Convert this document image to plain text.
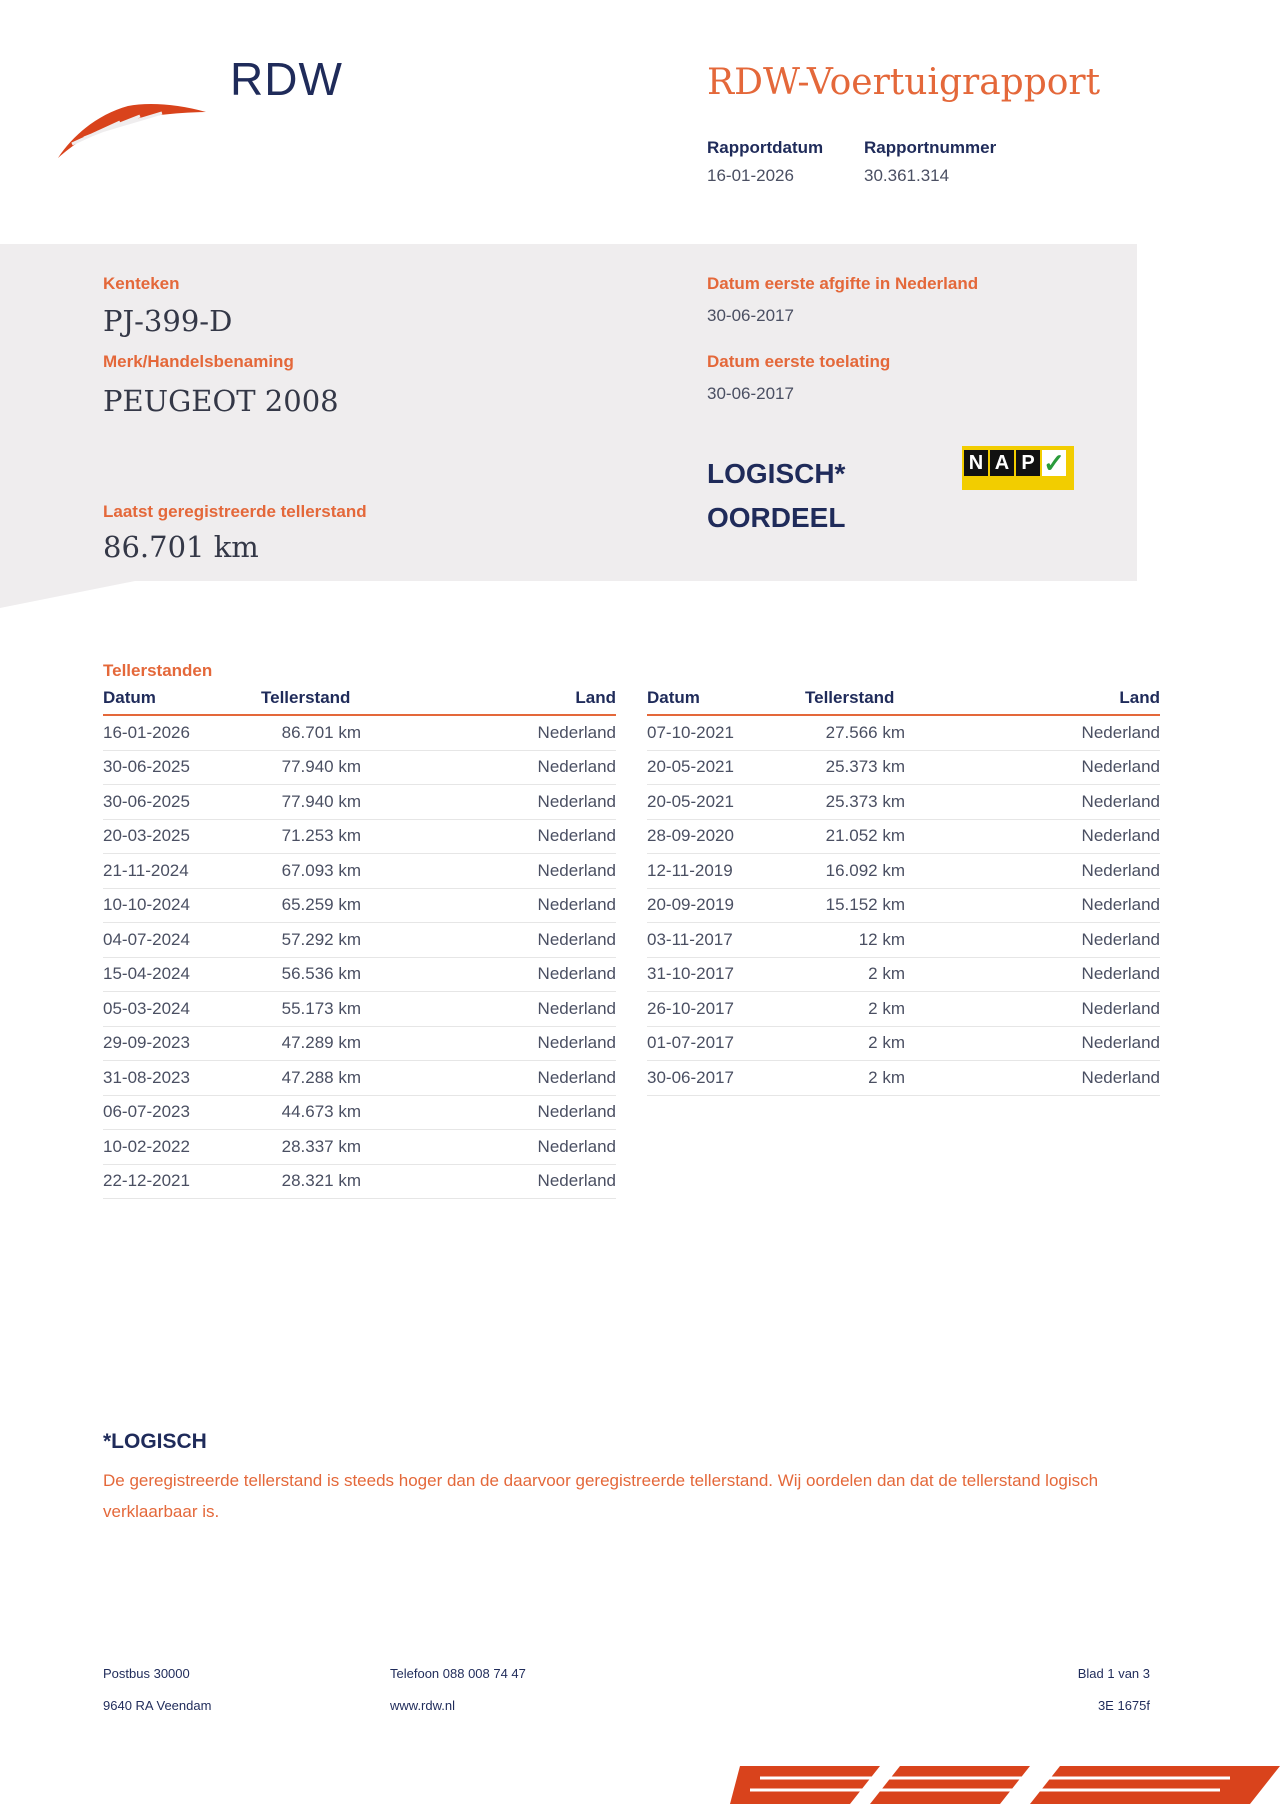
RDW	RDW-Voertuigrapport
Rapportdatum
16-01-2026
Rapportnummer
30.361.314
Kenteken
PJ-399-D
Merk/Handelsbenaming
PEUGEOT 2008
Laatst geregistreerde tellerstand
86.701 km
Datum eerste afgifte in Nederland
30-06-2017
Datum eerste toelating
30-06-2017
LOGISCH*
OORDEEL
N A P ✓
Tellerstanden
Datum	Tellerstand	Land
16-01-2026	86.701 km	Nederland
30-06-2025	77.940 km	Nederland
30-06-2025	77.940 km	Nederland
20-03-2025	71.253 km	Nederland
21-11-2024	67.093 km	Nederland
10-10-2024	65.259 km	Nederland
04-07-2024	57.292 km	Nederland
15-04-2024	56.536 km	Nederland
05-03-2024	55.173 km	Nederland
29-09-2023	47.289 km	Nederland
31-08-2023	47.288 km	Nederland
06-07-2023	44.673 km	Nederland
10-02-2022	28.337 km	Nederland
22-12-2021	28.321 km	Nederland
Datum	Tellerstand	Land
07-10-2021	27.566 km	Nederland
20-05-2021	25.373 km	Nederland
20-05-2021	25.373 km	Nederland
28-09-2020	21.052 km	Nederland
12-11-2019	16.092 km	Nederland
20-09-2019	15.152 km	Nederland
03-11-2017	12 km	Nederland
31-10-2017	2 km	Nederland
26-10-2017	2 km	Nederland
01-07-2017	2 km	Nederland
30-06-2017	2 km	Nederland
*LOGISCH
De geregistreerde tellerstand is steeds hoger dan de daarvoor geregistreerde tellerstand. Wij oordelen dan dat de tellerstand logisch verklaarbaar is.
Postbus 30000
9640 RA Veendam
Telefoon 088 008 74 47
www.rdw.nl
Blad 1 van 3
3E 1675f
